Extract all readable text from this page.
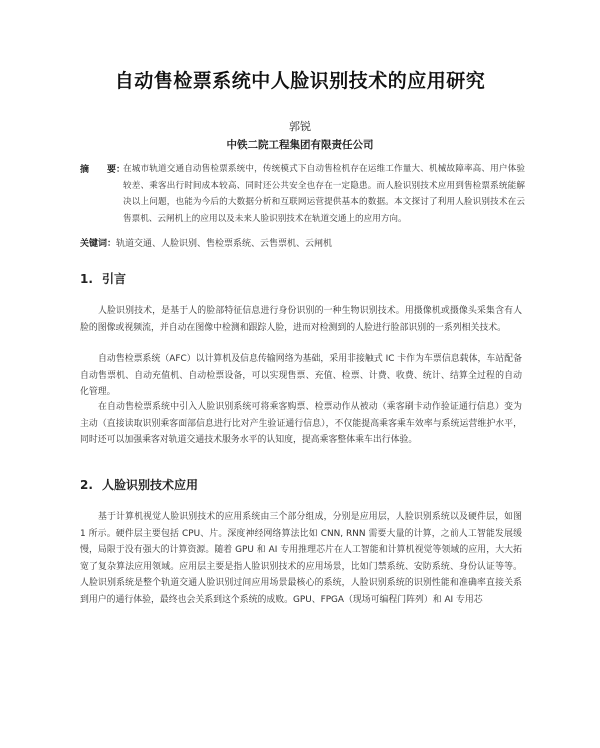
自动售检票系统中人脸识别技术的应用研究
郭锐
中铁二院工程集团有限责任公司
摘　　要：
在城市轨道交通自动售检票系统中，传统模式下自动售检机存在运维工作量大、机械故障率高、用户体验较差、乘客出行时间成本较高、同时还公共安全也存在一定隐患。而人脸识别技术应用到售检票系统能解决以上问题，也能为今后的大数据分析和互联网运营提供基本的数据。本文探讨了利用人脸识别技术在云售票机、云闸机上的应用以及未来人脸识别技术在轨道交通上的应用方向。
关键词：轨道交通、人脸识别、售检票系统、云售票机、云闸机
1. 引言
人脸识别技术，是基于人的脸部特征信息进行身份识别的一种生物识别技术。用摄像机或摄像头采集含有人脸的图像或视频流，并自动在图像中检测和跟踪人脸，进而对检测到的人脸进行脸部识别的一系列相关技术。
自动售检票系统（AFC）以计算机及信息传输网络为基础，采用非接触式 IC 卡作为车票信息载体，车站配备自动售票机、自动充值机、自动检票设备，可以实现售票、充值、检票、计费、收费、统计、结算全过程的自动化管理。
在自动售检票系统中引入人脸识别系统可将乘客购票、检票动作从被动（乘客刷卡动作验证通行信息）变为主动（直接读取识别乘客面部信息进行比对产生验证通行信息），不仅能提高乘客乘车效率与系统运营维护水平，同时还可以加强乘客对轨道交通技术服务水平的认知度，提高乘客整体乘车出行体验。
2. 人脸识别技术应用
基于计算机视觉人脸识别技术的应用系统由三个部分组成，分别是应用层，人脸识别系统以及硬件层，如图 1 所示。硬件层主要包括 CPU、片。深度神经网络算法比如 CNN, RNN 需要大量的计算，之前人工智能发展缓慢，局限于没有强大的计算资源。随着 GPU 和 AI 专用推理芯片在人工智能和计算机视觉等领域的应用，大大拓宽了复杂算法应用领域。应用层主要是指人脸识别技术的应用场景，比如门禁系统、安防系统、身份认证等等。人脸识别系统是整个轨道交通人脸识别过间应用场景最核心的系统，人脸识别系统的识别性能和准确率直接关系到用户的通行体验，最终也会关系到这个系统的成败。GPU、FPGA（现场可编程门阵列）和 AI 专用芯
